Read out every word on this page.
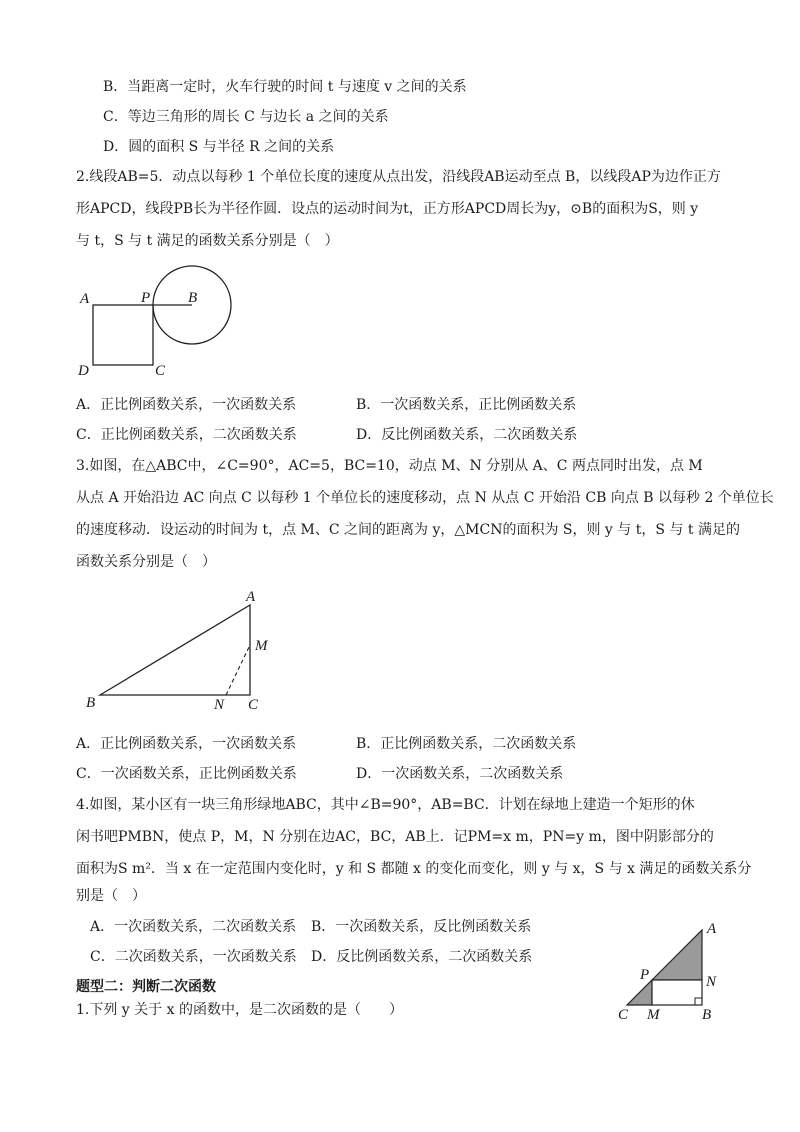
B．当距离一定时，火车行驶的时间 t 与速度 v 之间的关系
C．等边三角形的周长 C 与边长 a 之间的关系
D．圆的面积 S 与半径 R 之间的关系
2.线段AB=5．动点以每秒 1 个单位长度的速度从点出发，沿线段AB运动至点 B，以线段AP为边作正方
形APCD，线段PB长为半径作圆．设点的运动时间为t，正方形APCD周长为y，⊙B的面积为S，则 y
与 t，S 与 t 满足的函数关系分别是（　）
A	P	B
D	C
A．正比例函数关系，一次函数关系	B．一次函数关系，正比例函数关系
C．正比例函数关系，二次函数关系	D．反比例函数关系，二次函数关系
3.如图，在△ABC中，∠C=90°，AC=5，BC=10，动点 M、N 分别从 A、C 两点同时出发，点 M
从点 A 开始沿边 AC 向点 C 以每秒 1 个单位长的速度移动，点 N 从点 C 开始沿 CB 向点 B 以每秒 2 个单位长
的速度移动．设运动的时间为 t，点 M、C 之间的距离为 y，△MCN的面积为 S，则 y 与 t，S 与 t 满足的
函数关系分别是（　）
A
M
B	N C
A．正比例函数关系，一次函数关系	B．正比例函数关系，二次函数关系
C．一次函数关系，正比例函数关系	D．一次函数关系，二次函数关系
4.如图，某小区有一块三角形绿地ABC，其中∠B=90°，AB=BC．计划在绿地上建造一个矩形的休
闲书吧PMBN，使点 P，M，N 分别在边AC，BC，AB上．记PM=x m，PN=y m，图中阴影部分的
面积为S m²．当 x 在一定范围内变化时，y 和 S 都随 x 的变化而变化，则 y 与 x，S 与 x 满足的函数关系分
别是（　）
A．一次函数关系，二次函数关系 B．一次函数关系，反比例函数关系
C．二次函数关系，一次函数关系 D．反比例函数关系，二次函数关系
A
P	N
C M	B
题型二：判断二次函数
1.下列 y 关于 x 的函数中，是二次函数的是（　　）
